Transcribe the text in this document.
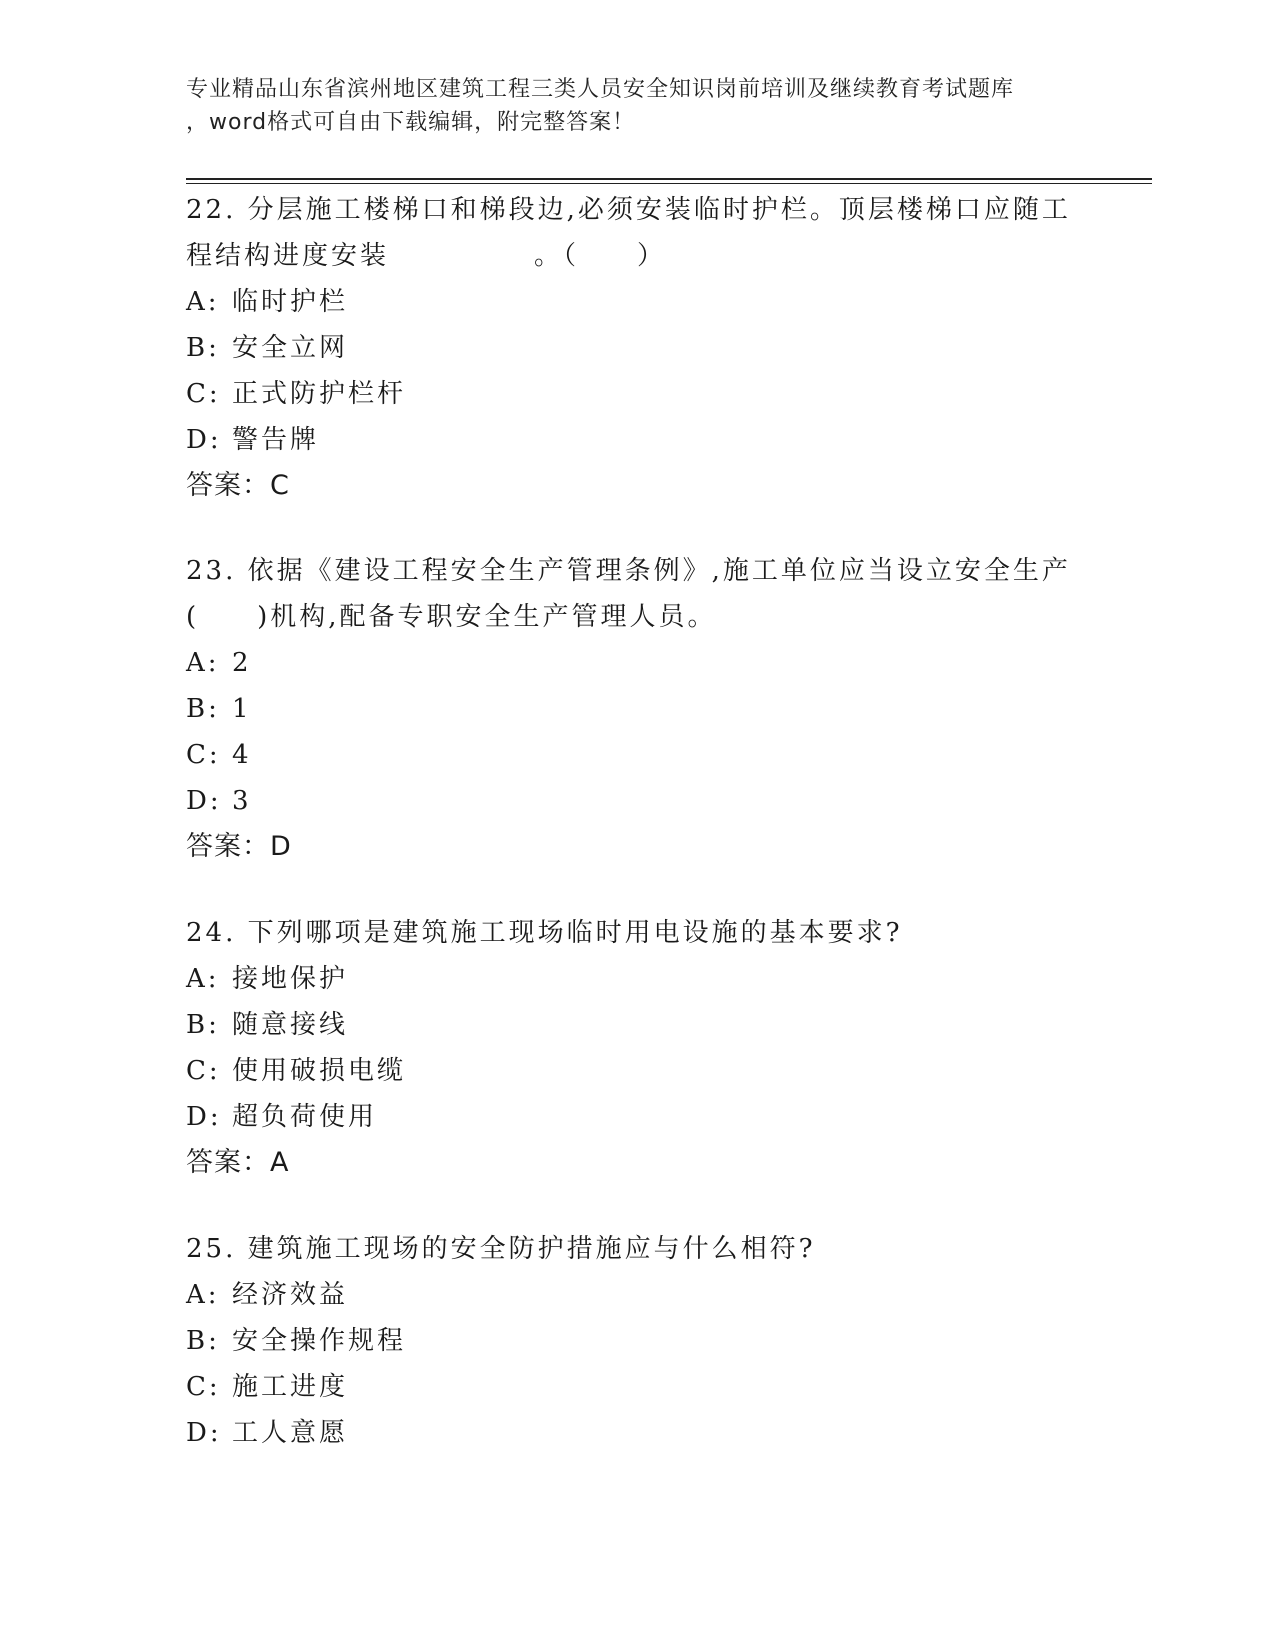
专业精品山东省滨州地区建筑工程三类人员安全知识岗前培训及继续教育考试题库
，word格式可自由下载编辑，附完整答案！
22. 分层施工楼梯口和梯段边,必须安装临时护栏。顶层楼梯口应随工
程结构进度安装　　　　　。（　　）
A: 临时护栏
B: 安全立网
C: 正式防护栏杆
D: 警告牌
答案：C
23. 依据《建设工程安全生产管理条例》,施工单位应当设立安全生产
(　　)机构,配备专职安全生产管理人员。
A: 2
B: 1
C: 4
D: 3
答案：D
24. 下列哪项是建筑施工现场临时用电设施的基本要求?
A: 接地保护
B: 随意接线
C: 使用破损电缆
D: 超负荷使用
答案：A
25. 建筑施工现场的安全防护措施应与什么相符?
A: 经济效益
B: 安全操作规程
C: 施工进度
D: 工人意愿
